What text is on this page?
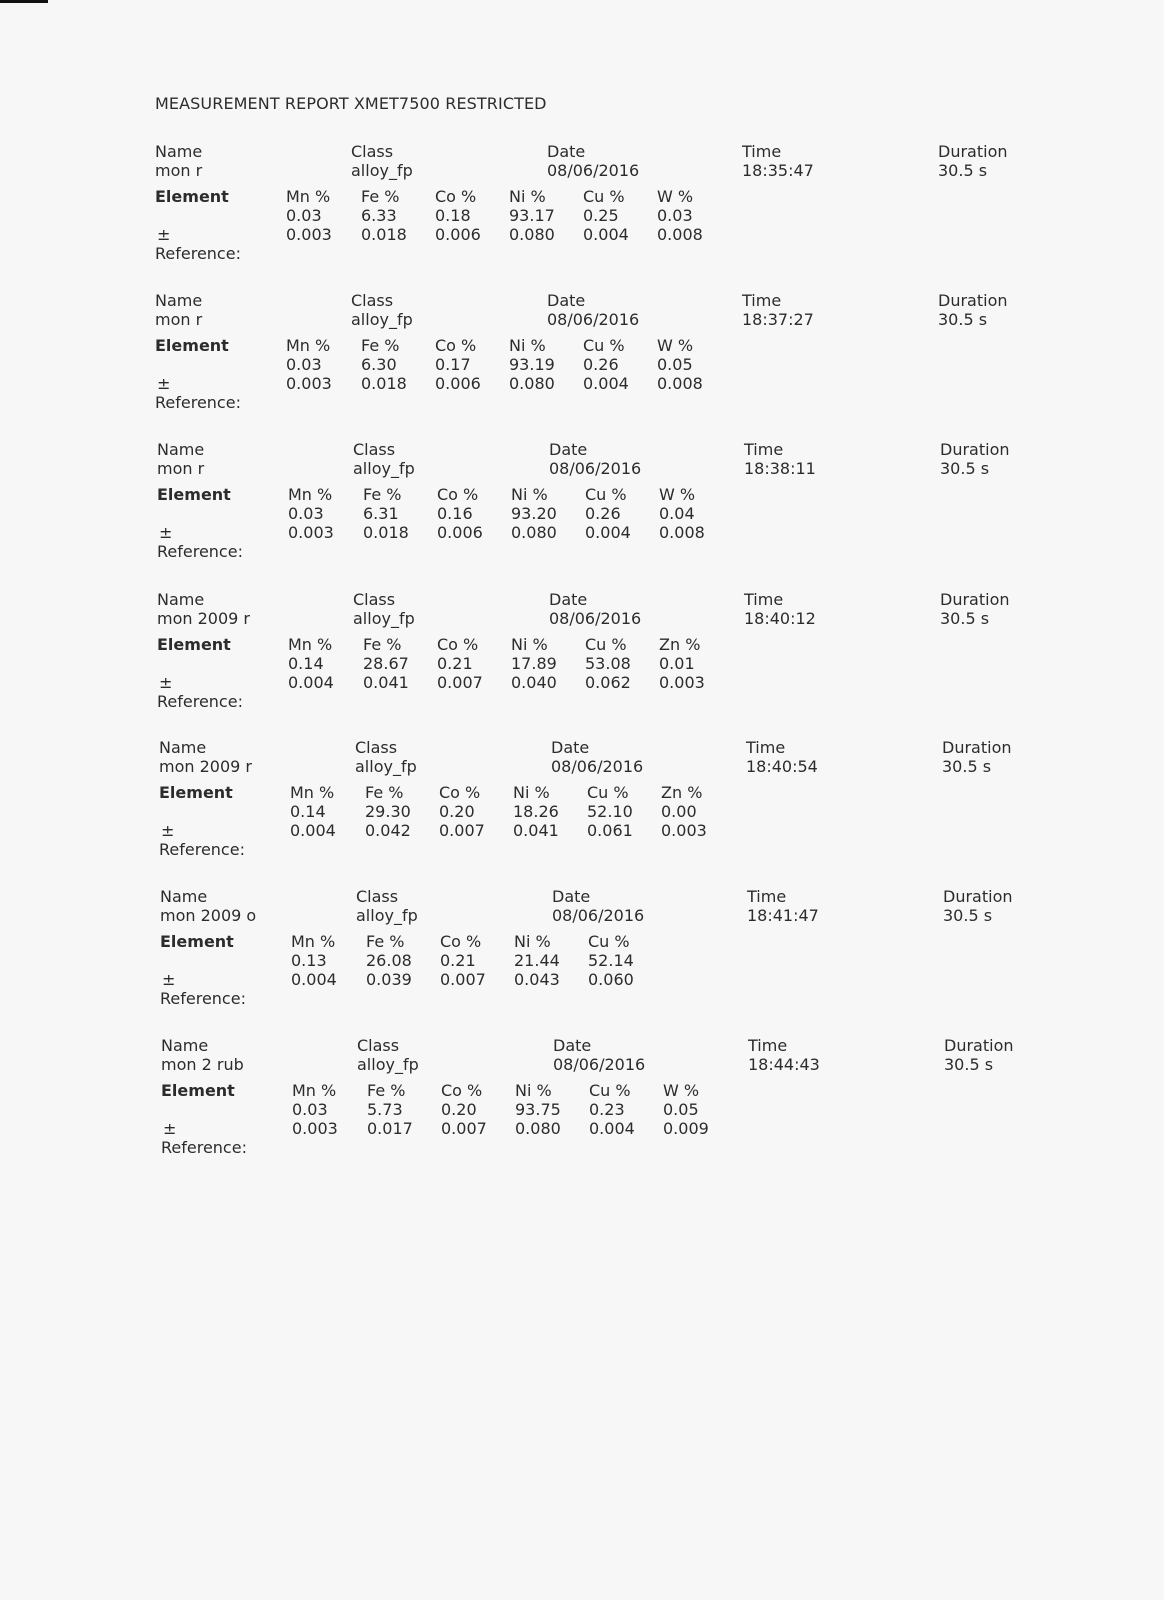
MEASUREMENT REPORT XMET7500 RESTRICTED
Name
mon r
Class
alloy_fp
Date
08/06/2016
Time
18:35:47
Duration
30.5 s
Element
±
Reference:
Mn %
0.03
0.003
Fe %
6.33
0.018
Co %
0.18
0.006
Ni %
93.17
0.080
Cu %
0.25
0.004
W %
0.03
0.008
Name
mon r
Class
alloy_fp
Date
08/06/2016
Time
18:37:27
Duration
30.5 s
Element
±
Reference:
Mn %
0.03
0.003
Fe %
6.30
0.018
Co %
0.17
0.006
Ni %
93.19
0.080
Cu %
0.26
0.004
W %
0.05
0.008
Name
mon r
Class
alloy_fp
Date
08/06/2016
Time
18:38:11
Duration
30.5 s
Element
±
Reference:
Mn %
0.03
0.003
Fe %
6.31
0.018
Co %
0.16
0.006
Ni %
93.20
0.080
Cu %
0.26
0.004
W %
0.04
0.008
Name
mon 2009 r
Class
alloy_fp
Date
08/06/2016
Time
18:40:12
Duration
30.5 s
Element
±
Reference:
Mn %
0.14
0.004
Fe %
28.67
0.041
Co %
0.21
0.007
Ni %
17.89
0.040
Cu %
53.08
0.062
Zn %
0.01
0.003
Name
mon 2009 r
Class
alloy_fp
Date
08/06/2016
Time
18:40:54
Duration
30.5 s
Element
±
Reference:
Mn %
0.14
0.004
Fe %
29.30
0.042
Co %
0.20
0.007
Ni %
18.26
0.041
Cu %
52.10
0.061
Zn %
0.00
0.003
Name
mon 2009 o
Class
alloy_fp
Date
08/06/2016
Time
18:41:47
Duration
30.5 s
Element
±
Reference:
Mn %
0.13
0.004
Fe %
26.08
0.039
Co %
0.21
0.007
Ni %
21.44
0.043
Cu %
52.14
0.060
Name
mon 2 rub
Class
alloy_fp
Date
08/06/2016
Time
18:44:43
Duration
30.5 s
Element
±
Reference:
Mn %
0.03
0.003
Fe %
5.73
0.017
Co %
0.20
0.007
Ni %
93.75
0.080
Cu %
0.23
0.004
W %
0.05
0.009
